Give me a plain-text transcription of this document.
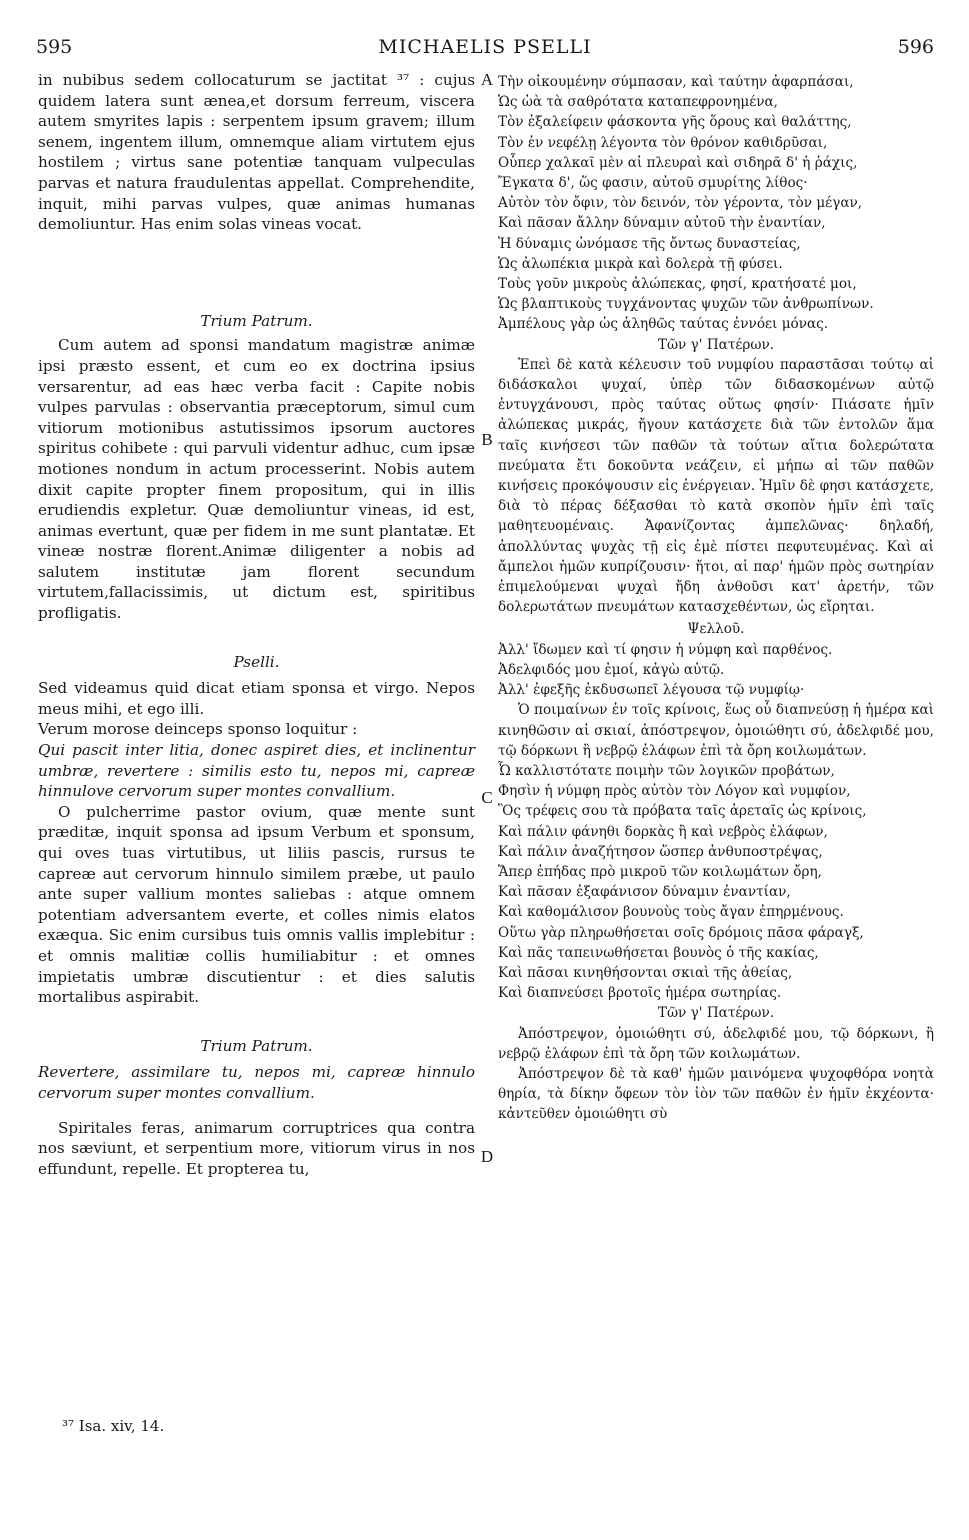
595	MICHAELIS PSELLI	596

in nubibus sedem collocaturum se jactitat ³⁷ : cujus quidem latera sunt ænea,et dorsum ferreum, viscera autem smyrites lapis : serpentem ipsum gravem; illum senem, ingentem illum, omnemque aliam virtutem ejus hostilem ; virtus sane potentiæ tanquam vulpeculas parvas et natura fraudulentas appellat. Comprehendite, inquit, mihi parvas vulpes, quæ animas humanas demoliuntur. Has enim solas vineas vocat.

Trium Patrum.

Cum autem ad sponsi mandatum magistræ animæ ipsi præsto essent, et cum eo ex doctrina ipsius versarentur, ad eas hæc verba facit : Capite nobis vulpes parvulas : observantia præceptorum, simul cum vitiorum motionibus astutissimos ipsorum auctores spiritus cohibete : qui parvuli videntur adhuc, cum ipsæ motiones nondum in actum processerint. Nobis autem dixit capite propter finem propositum, qui in illis erudiendis expletur. Quæ demoliuntur vineas, id est, animas evertunt, quæ per fidem in me sunt plantatæ. Et vineæ nostræ florent.Animæ diligenter a nobis ad salutem institutæ jam florent secundum virtutem,fallacissimis, ut dictum est, spiritibus profligatis.

Pselli.

Sed videamus quid dicat etiam sponsa et virgo. Nepos meus mihi, et ego illi.

Verum morose deinceps sponso loquitur :

Qui pascit inter litia, donec aspiret dies, et inclinentur umbræ, revertere : similis esto tu, nepos mi, capreæ hinnulove cervorum super montes convallium.

O pulcherrime pastor ovium, quæ mente sunt præditæ, inquit sponsa ad ipsum Verbum et sponsum, qui oves tuas virtutibus, ut liliis pascis, rursus te capreæ aut cervorum hinnulo similem præbe, ut paulo ante super vallium montes saliebas : atque omnem potentiam adversantem everte, et colles nimis elatos exæqua. Sic enim cursibus tuis omnis vallis implebitur : et omnis malitiæ collis humiliabitur : et omnes impietatis umbræ discutientur : et dies salutis mortalibus aspirabit.

Trium Patrum.

Revertere, assimilare tu, nepos mi, capreæ hinnulo cervorum super montes convallium.

Spiritales feras, animarum corruptrices qua contra nos sæviunt, et serpentium more, vitiorum virus in nos effundunt, repelle. Et propterea tu,

A
B
C
D

Τὴν οἰκουμένην σύμπασαν, καὶ ταύτην ἀφαρπάσαι,

Ὡς ὠὰ τὰ σαθρότατα καταπεφρονημένα,

Τὸν ἐξαλείφειν φάσκοντα γῆς ὅρους καὶ θαλάττης,

Τὸν ἐν νεφέλῃ λέγοντα τὸν θρόνον καθιδρῦσαι,

Οὗπερ χαλκαῖ μὲν αἱ πλευραὶ καὶ σιδηρᾶ δ' ἡ ῥάχις,

Ἔγκατα δ', ὥς φασιν, αὐτοῦ σμυρίτης λίθος·

Αὐτὸν τὸν ὄφιν, τὸν δεινόν, τὸν γέροντα, τὸν μέγαν,

Καὶ πᾶσαν ἄλλην δύναμιν αὐτοῦ τὴν ἐναντίαν,

Ἡ δύναμις ὠνόμασε τῆς ὄντως δυναστείας,

Ὡς ἀλωπέκια μικρὰ καὶ δολερὰ τῇ φύσει.

Τοὺς γοῦν μικροὺς ἀλώπεκας, φησί, κρατήσατέ μοι,

Ὡς βλαπτικοὺς τυγχάνοντας ψυχῶν τῶν ἀνθρωπίνων.

Ἀμπέλους γὰρ ὡς ἀληθῶς ταύτας ἐννόει μόνας.

Τῶν γ' Πατέρων.

Ἐπεὶ δὲ κατὰ κέλευσιν τοῦ νυμφίου παραστᾶσαι τούτῳ αἱ διδάσκαλοι ψυχαί, ὑπὲρ τῶν διδασκομένων αὐτῷ ἐντυγχάνουσι, πρὸς ταύτας οὕτως φησίν· Πιάσατε ἡμῖν ἀλώπεκας μικράς, ἤγουν κατάσχετε διὰ τῶν ἐντολῶν ἅμα ταῖς κινήσεσι τῶν παθῶν τὰ τούτων αἴτια δολερώτατα πνεύματα ἔτι δοκοῦντα νεάζειν, εἰ μήπω αἱ τῶν παθῶν κινήσεις προκόψουσιν εἰς ἐνέργειαν. Ἡμῖν δὲ φησι κατάσχετε, διὰ τὸ πέρας δέξασθαι τὸ κατὰ σκοπὸν ἡμῖν ἐπὶ ταῖς μαθητευομέναις. Ἀφανίζοντας ἀμπελῶνας· δηλαδή, ἀπολλύντας ψυχὰς τῇ εἰς ἐμὲ πίστει πεφυτευμένας. Καὶ αἱ ἄμπελοι ἡμῶν κυπρίζουσιν· ἤτοι, αἱ παρ' ἡμῶν πρὸς σωτηρίαν ἐπιμελούμεναι ψυχαὶ ἤδη ἀνθοῦσι κατ' ἀρετήν, τῶν δολερωτάτων πνευμάτων κατασχεθέντων, ὡς εἴρηται.

Ψελλοῦ.

Ἀλλ' ἴδωμεν καὶ τί φησιν ἡ νύμφη καὶ παρθένος.

Ἀδελφιδός μου ἐμοί, κἀγὼ αὐτῷ.

Ἀλλ' ἐφεξῆς ἐκδυσωπεῖ λέγουσα τῷ νυμφίῳ·

Ὁ ποιμαίνων ἐν τοῖς κρίνοις, ἕως οὗ διαπνεύσῃ ἡ ἡμέρα καὶ κινηθῶσιν αἱ σκιαί, ἀπόστρεψον, ὁμοιώθητι σύ, ἀδελφιδέ μου, τῷ δόρκωνι ἢ νεβρῷ ἐλάφων ἐπὶ τὰ ὄρη κοιλωμάτων.

Ὦ καλλιστότατε ποιμὴν τῶν λογικῶν προβάτων,

Φησὶν ἡ νύμφη πρὸς αὐτὸν τὸν Λόγον καὶ νυμφίον,

Ὃς τρέφεις σου τὰ πρόβατα ταῖς ἀρεταῖς ὡς κρίνοις,

Καὶ πάλιν φάνηθι δορκὰς ἢ καὶ νεβρὸς ἐλάφων,

Καὶ πάλιν ἀναζήτησον ὥσπερ ἀνθυποστρέψας,

Ἅπερ ἐπήδας πρὸ μικροῦ τῶν κοιλωμάτων ὄρη,

Καὶ πᾶσαν ἐξαφάνισον δύναμιν ἐναντίαν,

Καὶ καθομάλισον βουνοὺς τοὺς ἄγαν ἐπηρμένους.

Οὕτω γὰρ πληρωθήσεται σοῖς δρόμοις πᾶσα φάραγξ,

Καὶ πᾶς ταπεινωθήσεται βουνὸς ὁ τῆς κακίας,

Καὶ πᾶσαι κινηθήσονται σκιαὶ τῆς ἀθείας,

Καὶ διαπνεύσει βροτοῖς ἡμέρα σωτηρίας.

Τῶν γ' Πατέρων.

Ἀπόστρεψον, ὁμοιώθητι σύ, ἀδελφιδέ μου, τῷ δόρκωνι, ἢ νεβρῷ ἐλάφων ἐπὶ τὰ ὄρη τῶν κοιλωμάτων.

Ἀπόστρεψον δὲ τὰ καθ' ἡμῶν μαινόμενα ψυχοφθόρα νοητὰ θηρία, τὰ δίκην ὄφεων τὸν ἰὸν τῶν παθῶν ἐν ἡμῖν ἐκχέοντα· κἀντεῦθεν ὁμοιώθητι σὺ

³⁷ Isa. xiv, 14.
